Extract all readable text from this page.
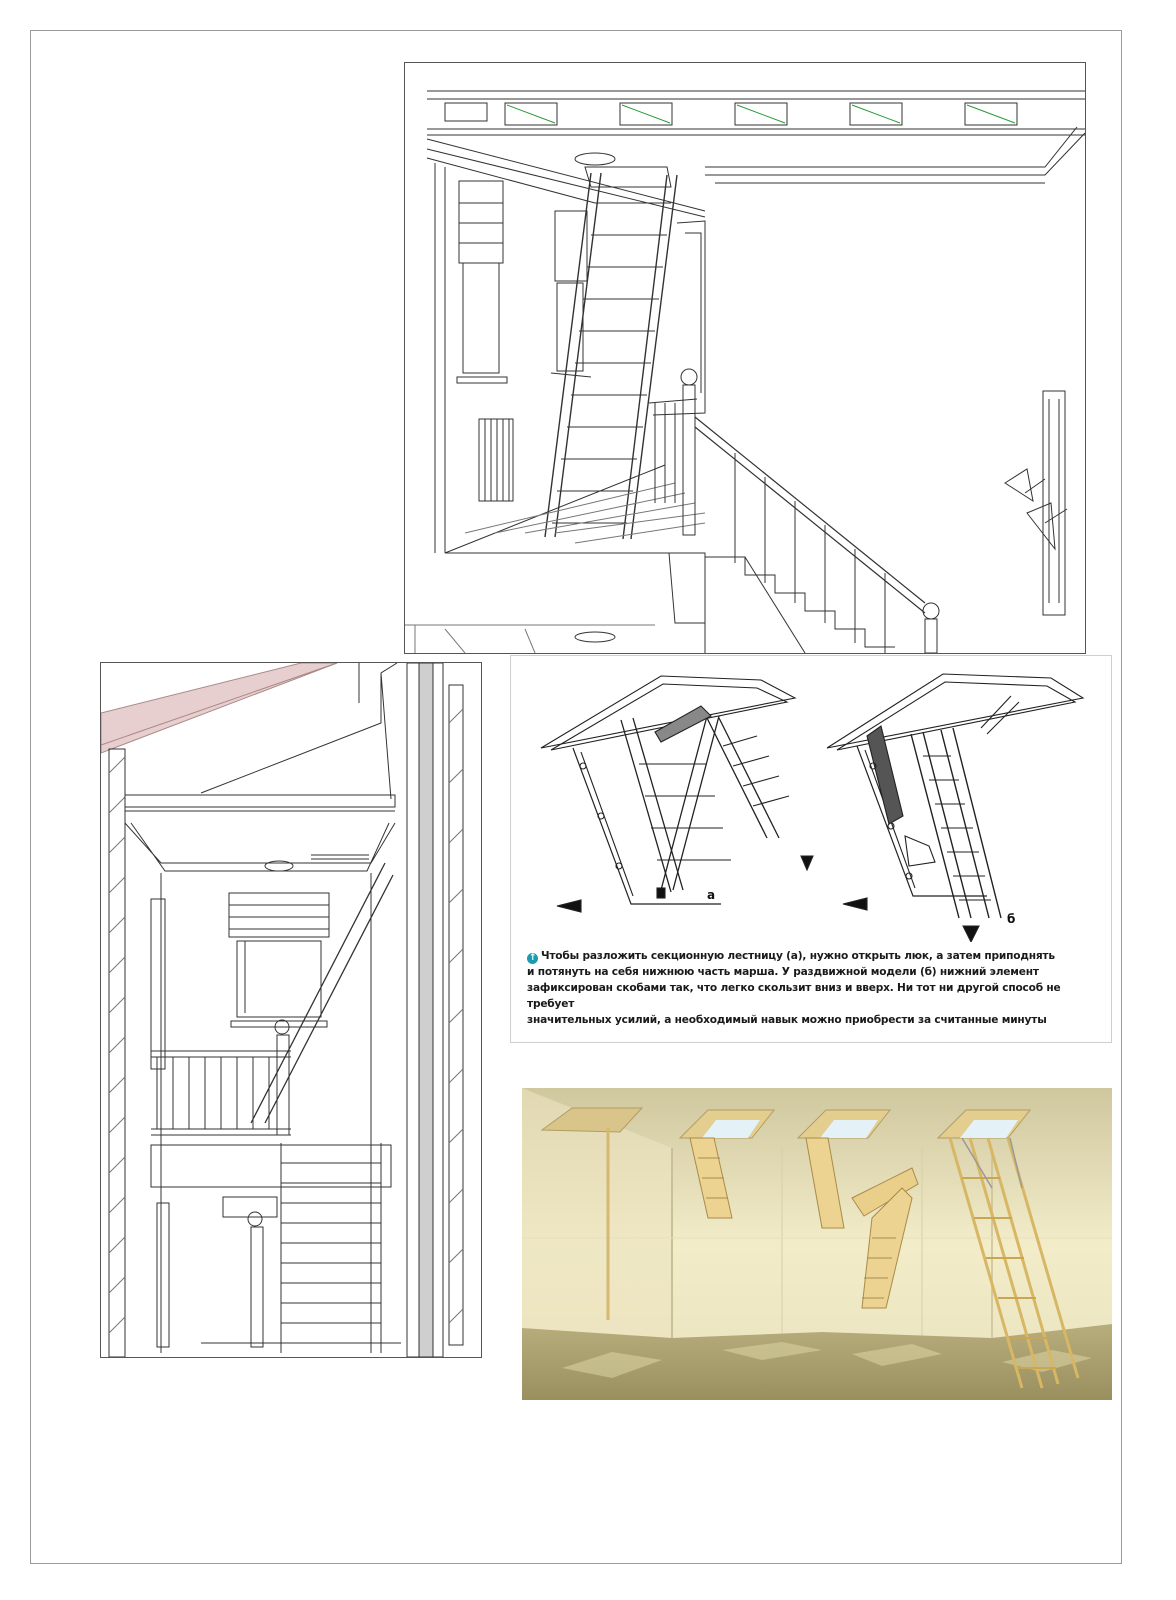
а
б
↑ Чтобы разложить секционную лестницу (а), нужно открыть люк, а затем приподнять
и потянуть на себя нижнюю часть марша. У раздвижной модели (б) нижний элемент
зафиксирован скобами так, что легко скользит вниз и вверх. Ни тот ни другой способ не требует
значительных усилий, а необходимый навык можно приобрести за считанные минуты
